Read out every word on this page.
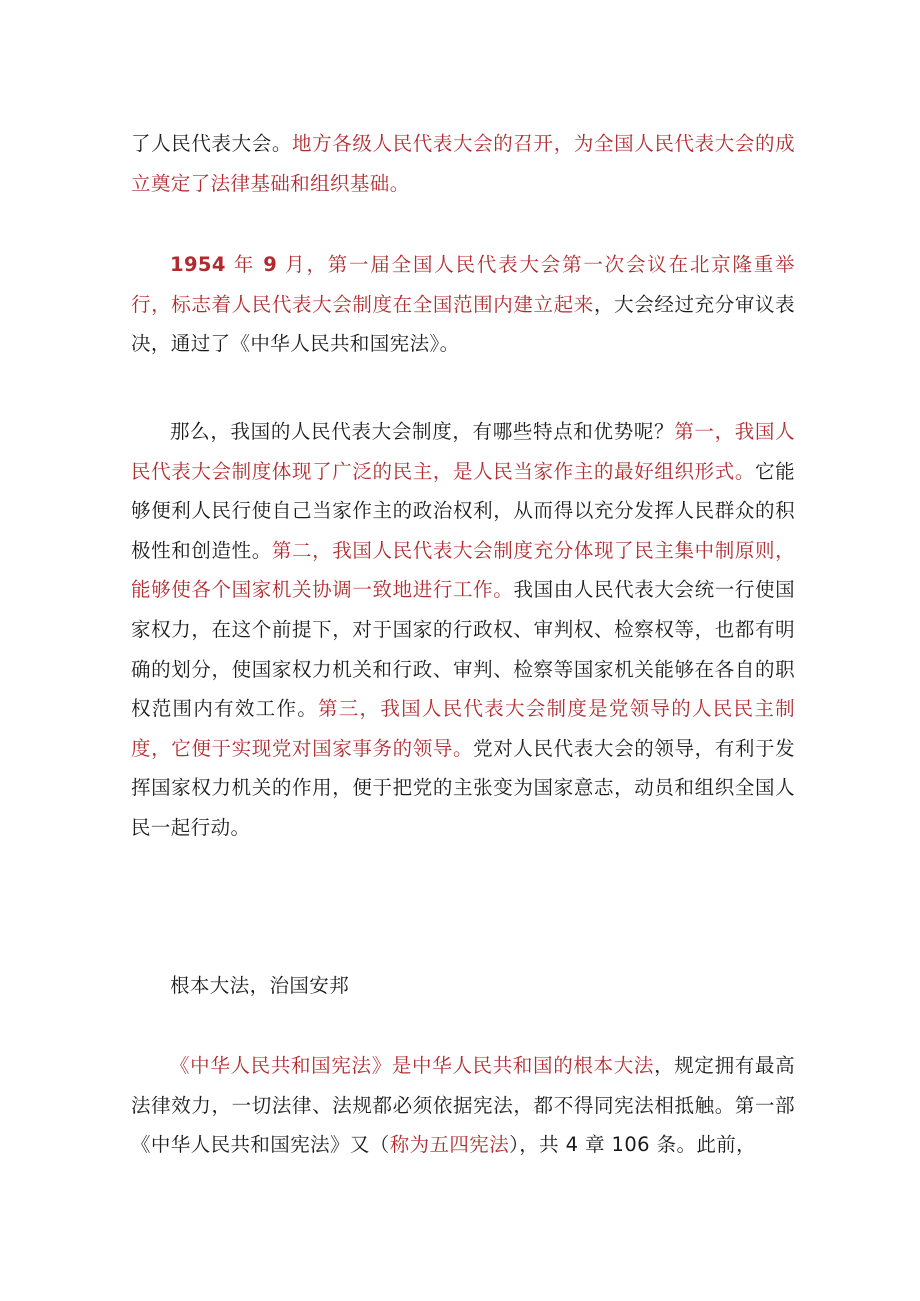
了人民代表大会。地方各级人民代表大会的召开，为全国人民代表大会的成立奠定了法律基础和组织基础。

1954 年 9 月，第一届全国人民代表大会第一次会议在北京隆重举行，标志着人民代表大会制度在全国范围内建立起来，大会经过充分审议表决，通过了《中华人民共和国宪法》。

那么，我国的人民代表大会制度，有哪些特点和优势呢？第一，我国人民代表大会制度体现了广泛的民主，是人民当家作主的最好组织形式。它能够便利人民行使自己当家作主的政治权利，从而得以充分发挥人民群众的积极性和创造性。第二，我国人民代表大会制度充分体现了民主集中制原则，能够使各个国家机关协调一致地进行工作。我国由人民代表大会统一行使国家权力，在这个前提下，对于国家的行政权、审判权、检察权等，也都有明确的划分，使国家权力机关和行政、审判、检察等国家机关能够在各自的职权范围内有效工作。第三，我国人民代表大会制度是党领导的人民民主制度，它便于实现党对国家事务的领导。党对人民代表大会的领导，有利于发挥国家权力机关的作用，便于把党的主张变为国家意志，动员和组织全国人民一起行动。

根本大法，治国安邦

《中华人民共和国宪法》是中华人民共和国的根本大法，规定拥有最高法律效力，一切法律、法规都必须依据宪法，都不得同宪法相抵触。第一部《中华人民共和国宪法》又（称为五四宪法），共 4 章 106 条。此前，
